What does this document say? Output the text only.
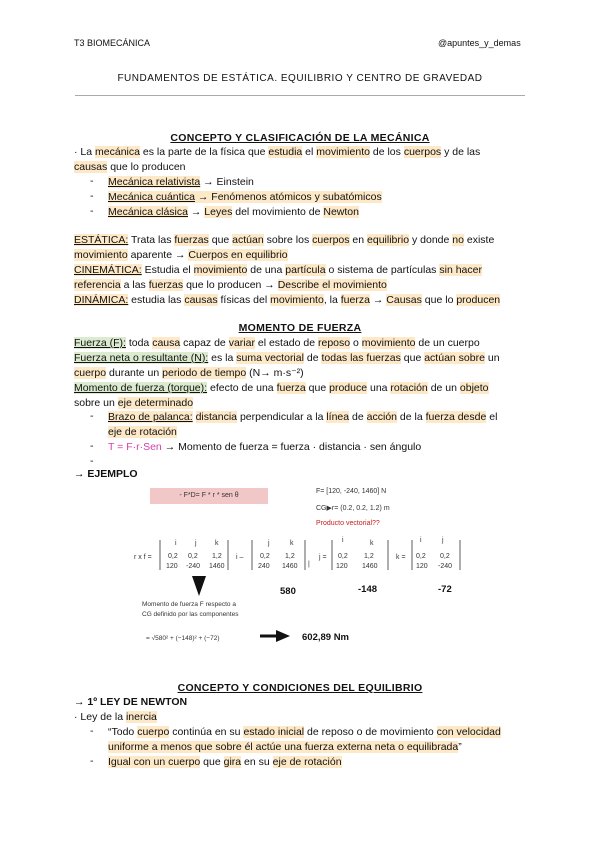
T3 BIOMECÁNICA	@apuntes_y_demas
FUNDAMENTOS DE ESTÁTICA. EQUILIBRIO Y CENTRO DE GRAVEDAD
CONCEPTO Y CLASIFICACIÓN DE LA MECÁNICA
· La mecánica es la parte de la física que estudia el movimiento de los cuerpos y de las
causas que lo producen
- Mecánica relativista → Einstein
- Mecánica cuántica → Fenómenos atómicos y subatómicos
- Mecánica clásica → Leyes del movimiento de Newton
ESTÁTICA: Trata las fuerzas que actúan sobre los cuerpos en equilibrio y donde no existe
movimiento aparente → Cuerpos en equilibrio
CINEMÁTICA: Estudia el movimiento de una partícula o sistema de partículas sin hacer
referencia a las fuerzas que lo producen → Describe el movimiento
DINÁMICA: estudia las causas físicas del movimiento, la fuerza → Causas que lo producen
MOMENTO DE FUERZA
Fuerza (F): toda causa capaz de variar el estado de reposo o movimiento de un cuerpo
Fuerza neta o resultante (N): es la suma vectorial de todas las fuerzas que actúan sobre un
cuerpo durante un periodo de tiempo (N→ m·s⁻²)
Momento de fuerza (torque): efecto de una fuerza que produce una rotación de un objeto
sobre un eje determinado
- Brazo de palanca: distancia perpendicular a la línea de acción de la fuerza desde el
eje de rotación
- T = F·r·Sen → Momento de fuerza = fuerza · distancia · sen ángulo
-
→ EJEMPLO
- F*D= F * r * sen θ
F= [120, -240, 1460] N
CG▶r= (0.2, 0.2, 1.2) m
Producto vectorial??
r x f =
i	j	k
0,2 0,2 1,2
120 -240 1460
i –
j	k
0,2 1,2
240 1460 |
j =
i	k
0,2 1,2
120 1460
k =
i	j
0,2 0,2
120 -240
580	-148	-72
Momento de fuerza F respecto a
CG definido por las componentes
= √580² + (−148)² + (−72)	602,89 Nm
CONCEPTO Y CONDICIONES DEL EQUILIBRIO
→ 1º LEY DE NEWTON
· Ley de la inercia
- “Todo cuerpo continúa en su estado inicial de reposo o de movimiento con velocidad
uniforme a menos que sobre él actúe una fuerza externa neta o equilibrada”
- Igual con un cuerpo que gira en su eje de rotación
